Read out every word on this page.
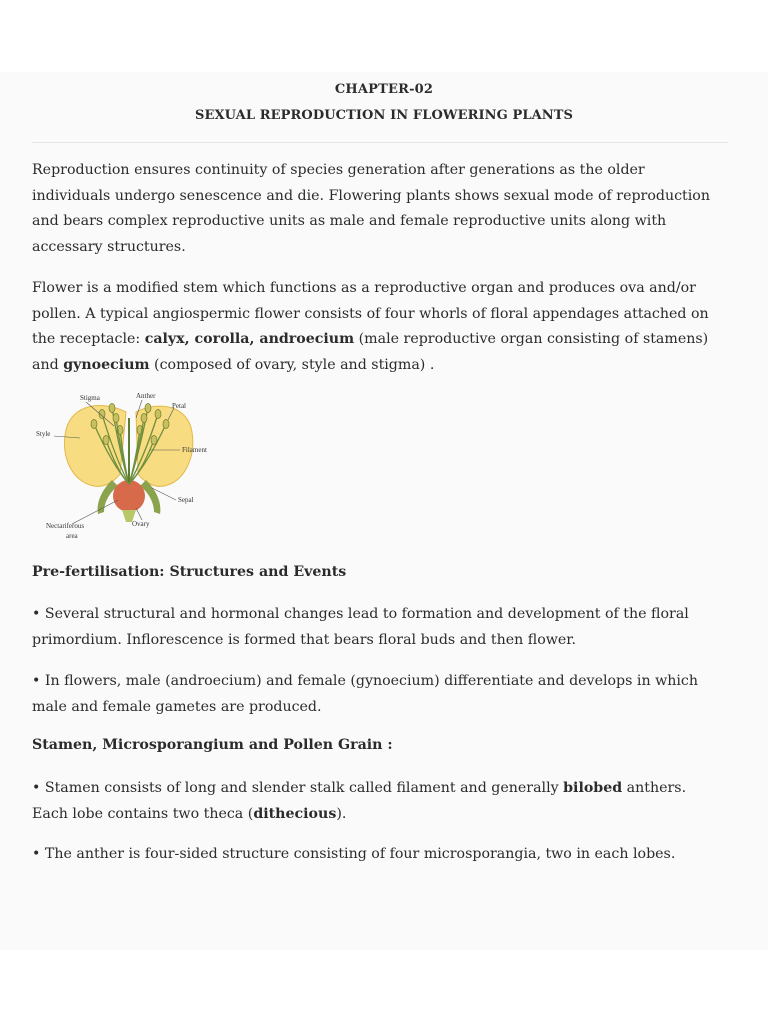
CHAPTER-02
SEXUAL REPRODUCTION IN FLOWERING PLANTS

Reproduction ensures continuity of species generation after generations as the older individuals undergo senescence and die. Flowering plants shows sexual mode of reproduction and bears complex reproductive units as male and female reproductive units along with accessary structures.

Flower is a modified stem which functions as a reproductive organ and produces ova and/or pollen. A typical angiospermic flower consists of four whorls of floral appendages attached on the receptacle: calyx, corolla, androecium (male reproductive organ consisting of stamens) and gynoecium (composed of ovary, style and stigma) .

Stigma	Anther
Petal
Style
Filament
Sepal
Ovary
Nectariferous
area

Pre-fertilisation: Structures and Events

• Several structural and hormonal changes lead to formation and development of the floral primordium. Inflorescence is formed that bears floral buds and then flower.

• In flowers, male (androecium) and female (gynoecium) differentiate and develops in which male and female gametes are produced.

Stamen, Microsporangium and Pollen Grain :

• Stamen consists of long and slender stalk called filament and generally bilobed anthers. Each lobe contains two theca (dithecious).

• The anther is four-sided structure consisting of four microsporangia, two in each lobes.
